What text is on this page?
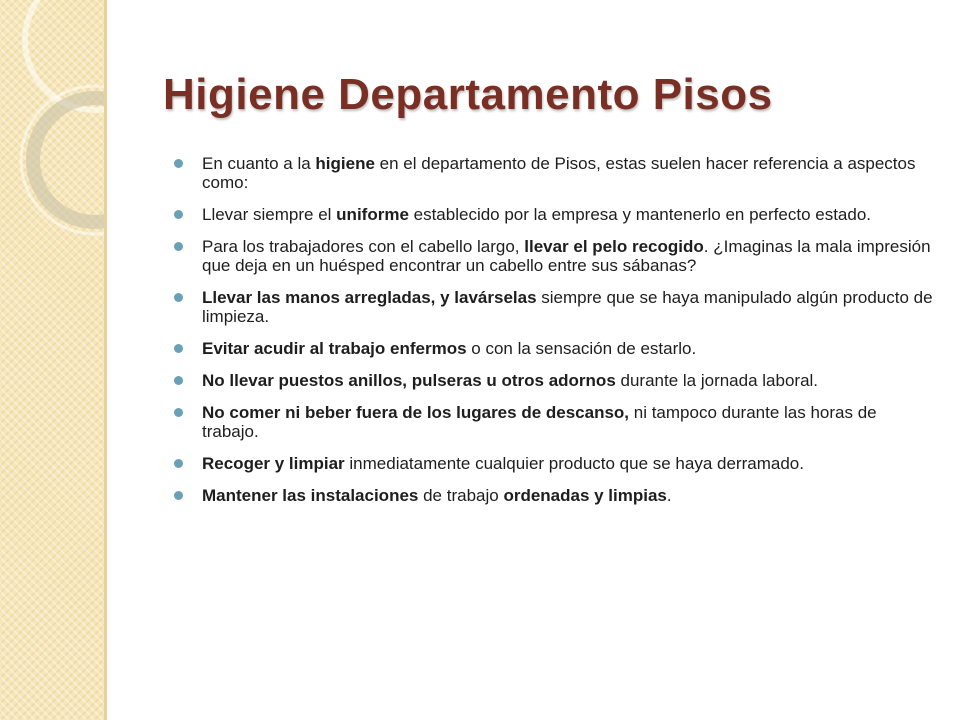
Higiene Departamento Pisos
En cuanto a la higiene en el departamento de Pisos, estas suelen hacer referencia a aspectos como:
Llevar siempre el uniforme establecido por la empresa y mantenerlo en perfecto estado.
Para los trabajadores con el cabello largo, llevar el pelo recogido. ¿Imaginas la mala impresión que deja en un huésped encontrar un cabello entre sus sábanas?
Llevar las manos arregladas, y lavárselas siempre que se haya manipulado algún producto de limpieza.
Evitar acudir al trabajo enfermos o con la sensación de estarlo.
No llevar puestos anillos, pulseras u otros adornos durante la jornada laboral.
No comer ni beber fuera de los lugares de descanso, ni tampoco durante las horas de trabajo.
Recoger y limpiar inmediatamente cualquier producto que se haya derramado.
Mantener las instalaciones de trabajo ordenadas y limpias.
